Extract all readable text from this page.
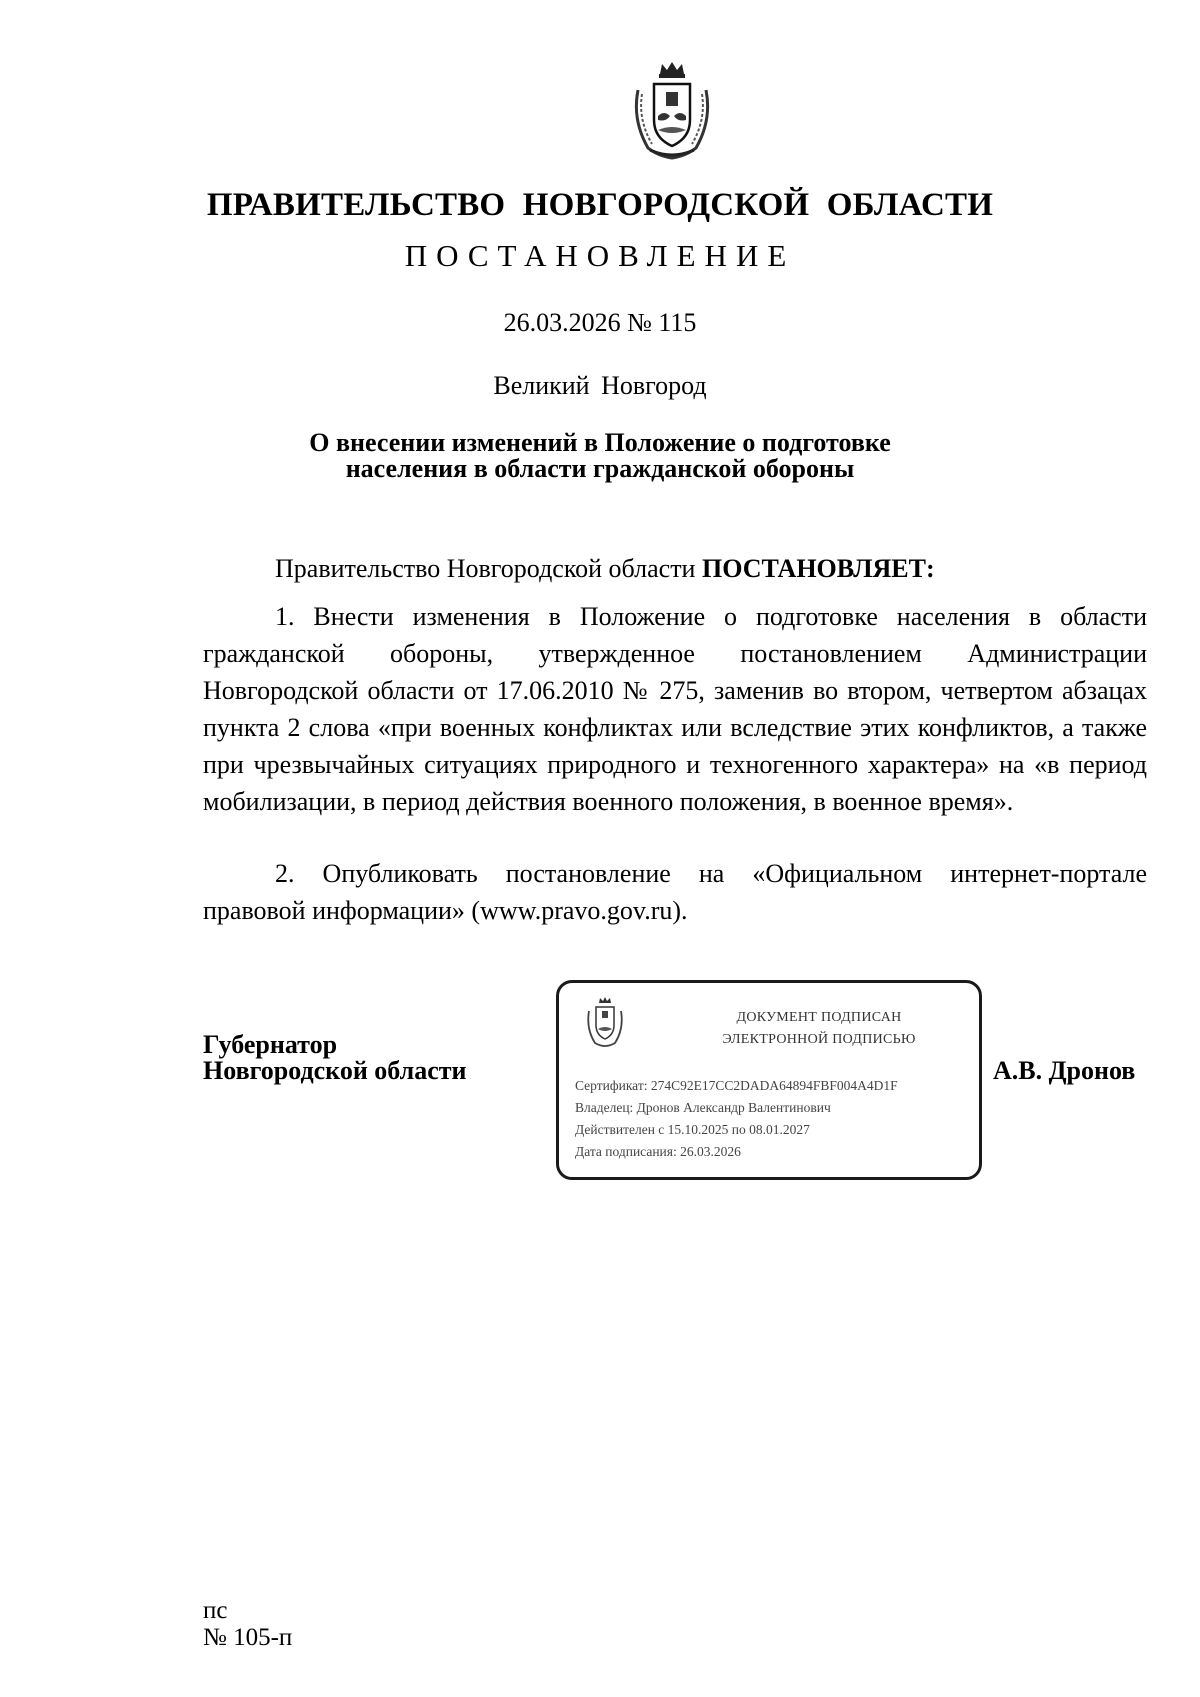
ПРАВИТЕЛЬСТВО НОВГОРОДСКОЙ ОБЛАСТИ
ПОСТАНОВЛЕНИЕ
26.03.2026 № 115
Великий Новгород
О внесении изменений в Положение о подготовке
населения в области гражданской обороны
Правительство Новгородской области ПОСТАНОВЛЯЕТ:
1. Внести изменения в Положение о подготовке населения в области гражданской обороны, утвержденное постановлением Администрации Новгородской области от 17.06.2010 № 275, заменив во втором, четвертом абзацах пункта 2 слова «при военных конфликтах или вследствие этих конфликтов, а также при чрезвычайных ситуациях природного и техногенного характера» на «в период мобилизации, в период действия военного положения, в военное время».
2. Опубликовать постановление на «Официальном интернет-портале правовой информации» (www.pravo.gov.ru).
Губернатор
Новгородской области
ДОКУМЕНТ ПОДПИСАН
ЭЛЕКТРОННОЙ ПОДПИСЬЮ
Сертификат: 274C92E17CC2DADA64894FBF004A4D1F
Владелец: Дронов Александр Валентинович
Действителен с 15.10.2025 по 08.01.2027
Дата подписания: 26.03.2026
А.В. Дронов
пс
№ 105-п
